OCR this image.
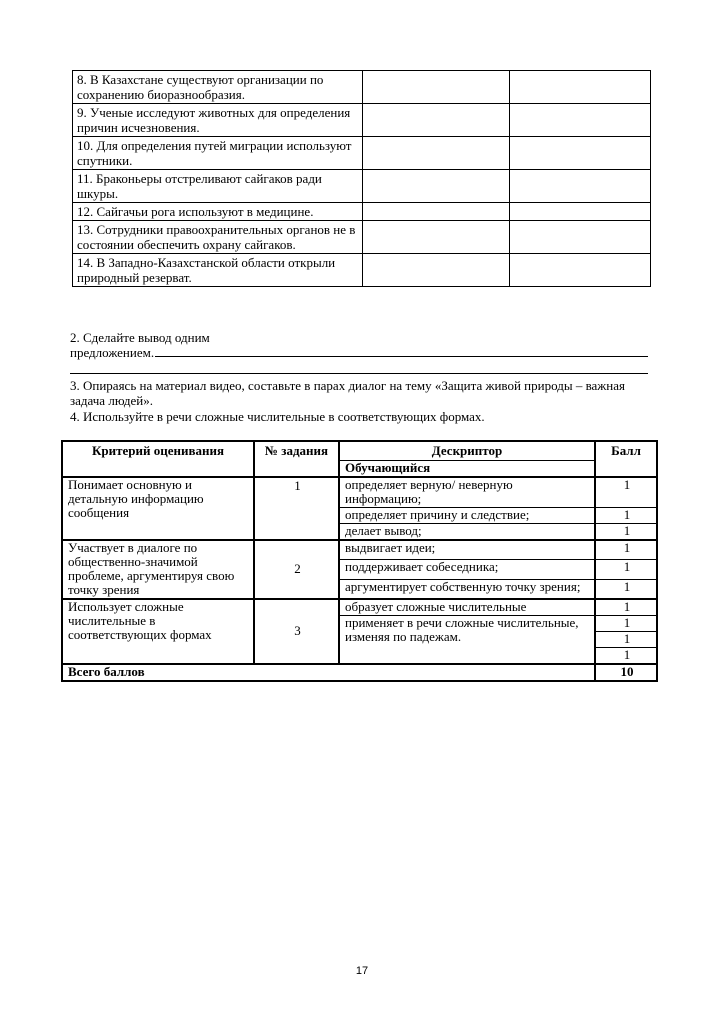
8. В Казахстане существуют организации по сохранению биоразнообразия.		
9. Ученые исследуют животных для определения причин исчезновения.		
10. Для определения путей миграции используют спутники.		
11. Браконьеры отстреливают сайгаков ради шкуры.		
12. Сайгачьи рога используют в медицине.		
13. Сотрудники правоохранительных органов не в состоянии обеспечить охрану сайгаков.		
14. В Западно-Казахстанской области открыли природный резерват.		
2. Сделайте вывод одним
предложением.
3. Опираясь на материал видео, составьте в парах диалог на тему «Защита живой природы – важная задача людей».
4. Используйте в речи сложные числительные в соответствующих формах.
Критерий оценивания	№ задания	Дескриптор	Балл
		Обучающийся	
Понимает основную и детальную информацию сообщения	1	определяет верную/ неверную информацию;	1
		определяет причину и следствие;	1
		делает вывод;	1
Участвует в диалоге по общественно-значимой проблеме, аргументируя свою точку зрения	2	выдвигает идеи;	1
		поддерживает собеседника;	1
		аргументирует собственную точку зрения;	1
Использует сложные числительные в соответствующих формах	3	образует сложные числительные	1
		применяет в речи сложные числительные, изменяя по падежам.	1
			1
			1
Всего баллов			10
17
